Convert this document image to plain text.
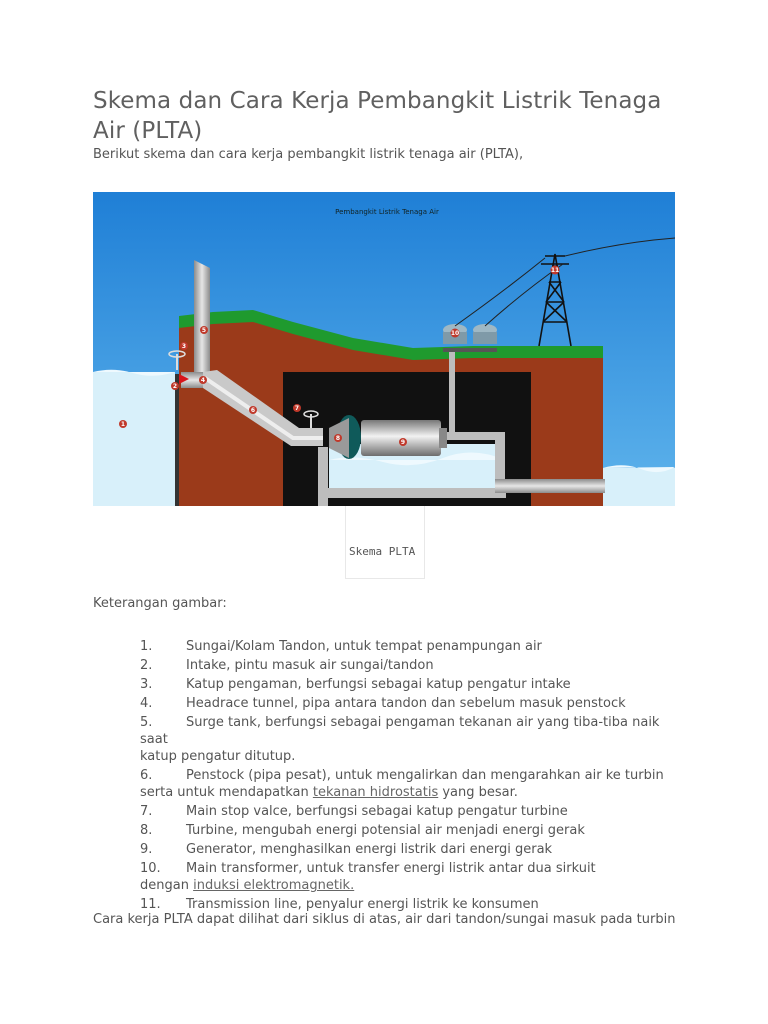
Skema dan Cara Kerja Pembangkit Listrik Tenaga Air (PLTA)
Berikut skema dan cara kerja pembangkit listrik tenaga air (PLTA),
Pembangkit Listrik Tenaga Air
1
2
3
4
5
6	7
8
9
10
11
Skema PLTA
Keterangan gambar:
1.	Sungai/Kolam Tandon, untuk tempat penampungan air
2.	Intake, pintu masuk air sungai/tandon
3.	Katup pengaman, berfungsi sebagai katup pengatur intake
4.	Headrace tunnel, pipa antara tandon dan sebelum masuk penstock
5.	Surge tank, berfungsi sebagai pengaman tekanan air yang tiba-tiba naik saat
katup pengatur ditutup.
6.	Penstock (pipa pesat), untuk mengalirkan dan mengarahkan air ke turbin
serta untuk mendapatkan tekanan hidrostatis yang besar.
7.	Main stop valce, berfungsi sebagai katup pengatur turbine
8.	Turbine, mengubah energi potensial air menjadi energi gerak
9.	Generator, menghasilkan energi listrik dari energi gerak
10. Main transformer, untuk transfer energi listrik antar dua sirkuit
dengan induksi elektromagnetik.
11. Transmission line, penyalur energi listrik ke konsumen
Cara kerja PLTA dapat dilihat dari siklus di atas, air dari tandon/sungai masuk pada turbin
